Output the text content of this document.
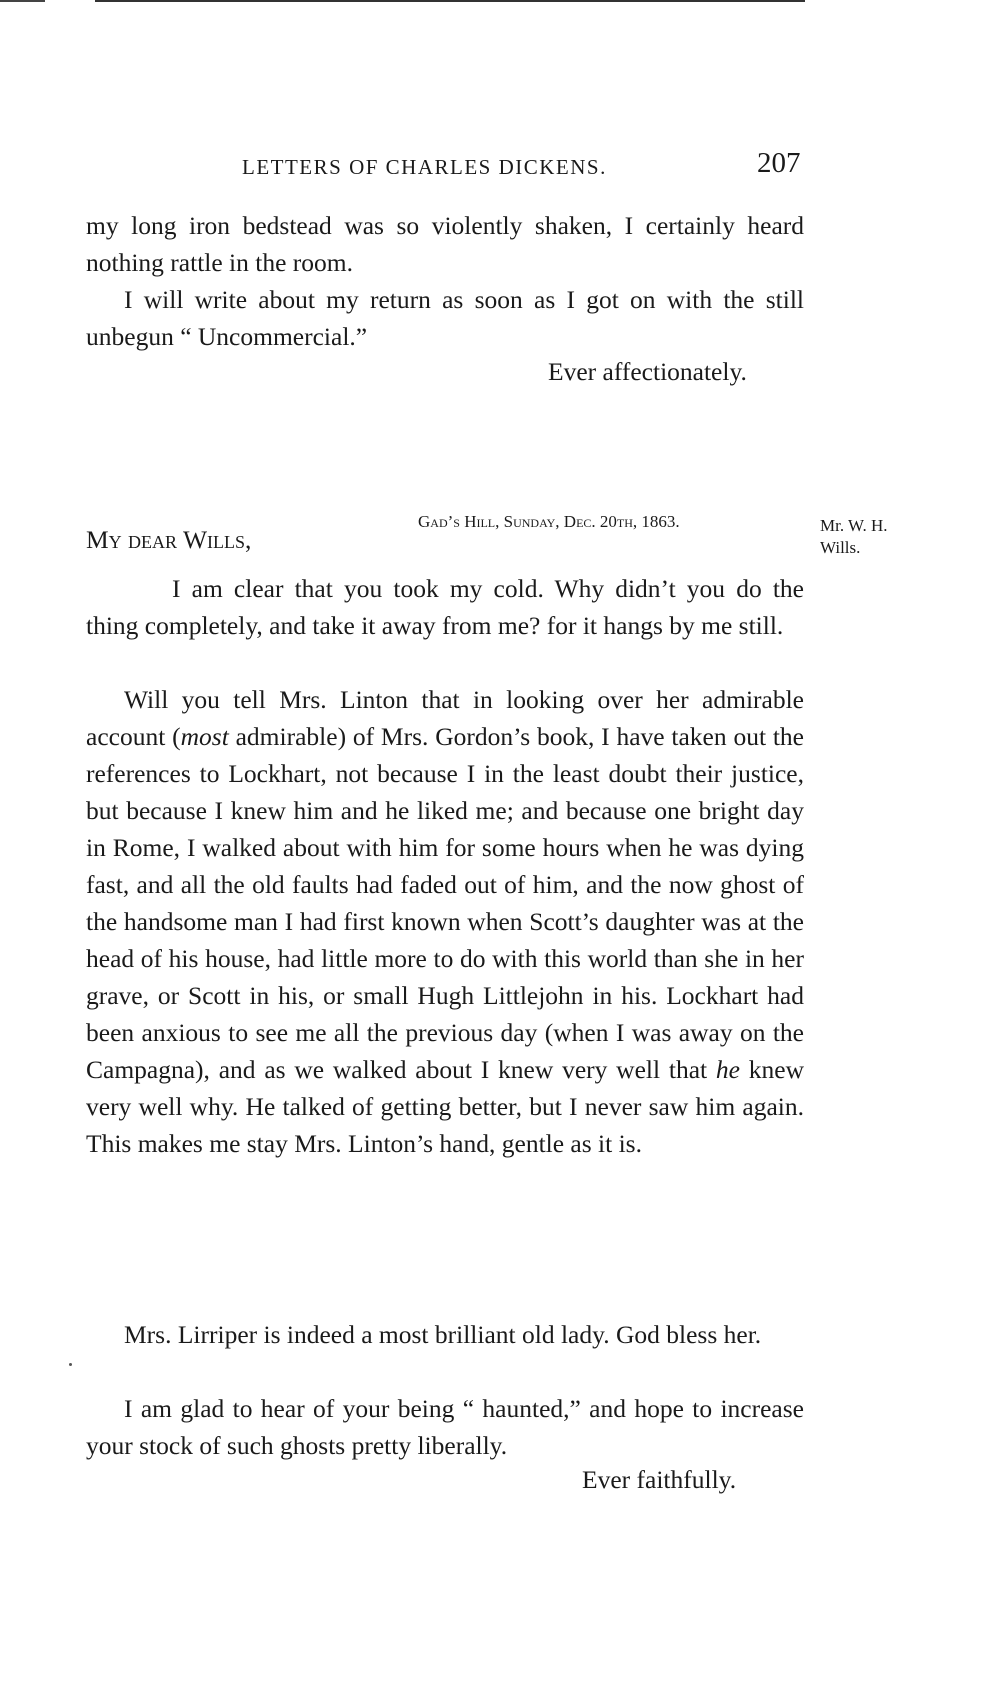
LETTERS OF CHARLES DICKENS.	207
my long iron bedstead was so violently shaken, I certainly heard nothing rattle in the room.
I will write about my return as soon as I got on with the still unbegun “ Uncommercial.”
Ever affectionately.
Gad’s Hill, Sunday, Dec. 20th, 1863.	Mr. W. H.
Wills.
My dear Wills,
I am clear that you took my cold. Why didn’t you do the thing completely, and take it away from me? for it hangs by me still.
Will you tell Mrs. Linton that in looking over her admirable account (most admirable) of Mrs. Gordon’s book, I have taken out the references to Lockhart, not because I in the least doubt their justice, but because I knew him and he liked me; and because one bright day in Rome, I walked about with him for some hours when he was dying fast, and all the old faults had faded out of him, and the now ghost of the handsome man I had first known when Scott’s daughter was at the head of his house, had little more to do with this world than she in her grave, or Scott in his, or small Hugh Littlejohn in his. Lockhart had been anxious to see me all the previous day (when I was away on the Campagna), and as we walked about I knew very well that he knew very well why. He talked of getting better, but I never saw him again. This makes me stay Mrs. Linton’s hand, gentle as it is.
Mrs. Lirriper is indeed a most brilliant old lady. God bless her.
I am glad to hear of your being “ haunted,” and hope to increase your stock of such ghosts pretty liberally.
Ever faithfully.
